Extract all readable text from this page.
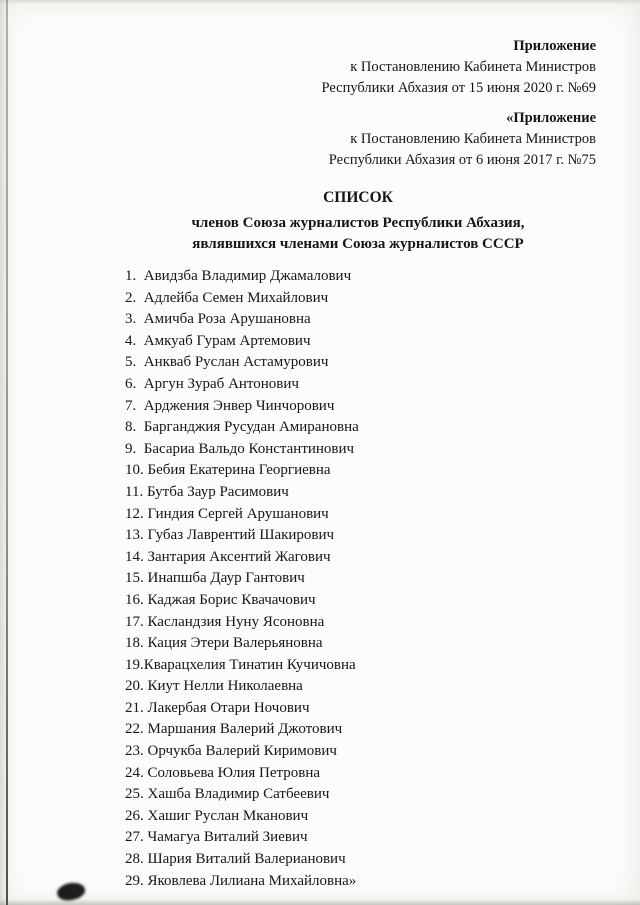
Приложение
к Постановлению Кабинета Министров
Республики Абхазия от 15 июня 2020 г. №69
«Приложение
к Постановлению Кабинета Министров
Республики Абхазия от 6 июня 2017 г. №75
СПИСОК
членов Союза журналистов Республики Абхазия,
являвшихся членами Союза журналистов СССР
1.  Авидзба Владимир Джамалович
2.  Адлейба Семен Михайлович
3.  Амичба Роза Арушановна
4.  Амкуаб Гурам Артемович
5.  Анкваб Руслан Астамурович
6.  Аргун Зураб Антонович
7.  Арджения Энвер Чинчорович
8.  Барганджия Русудан Амирановна
9.  Басариа Вальдо Константинович
10. Бебия Екатерина Георгиевна
11. Бутба Заур Расимович
12. Гиндия Сергей Арушанович
13. Губаз Лаврентий Шакирович
14. Зантария Аксентий Жагович
15. Инапшба Даур Гантович
16. Каджая Борис Квачачович
17. Касландзия Нуну Ясоновна
18. Кация Этери Валерьяновна
19.Кварацхелия Тинатин Кучичовна
20. Киут Нелли Николаевна
21. Лакербая Отари Ночович
22. Маршания Валерий Джотович
23. Орчукба Валерий Киримович
24. Соловьева Юлия Петровна
25. Хашба Владимир Сатбеевич
26. Хашиг Руслан Мканович
27. Чамагуа Виталий Зиевич
28. Шария Виталий Валерианович
29. Яковлева Лилиана Михайловна»
